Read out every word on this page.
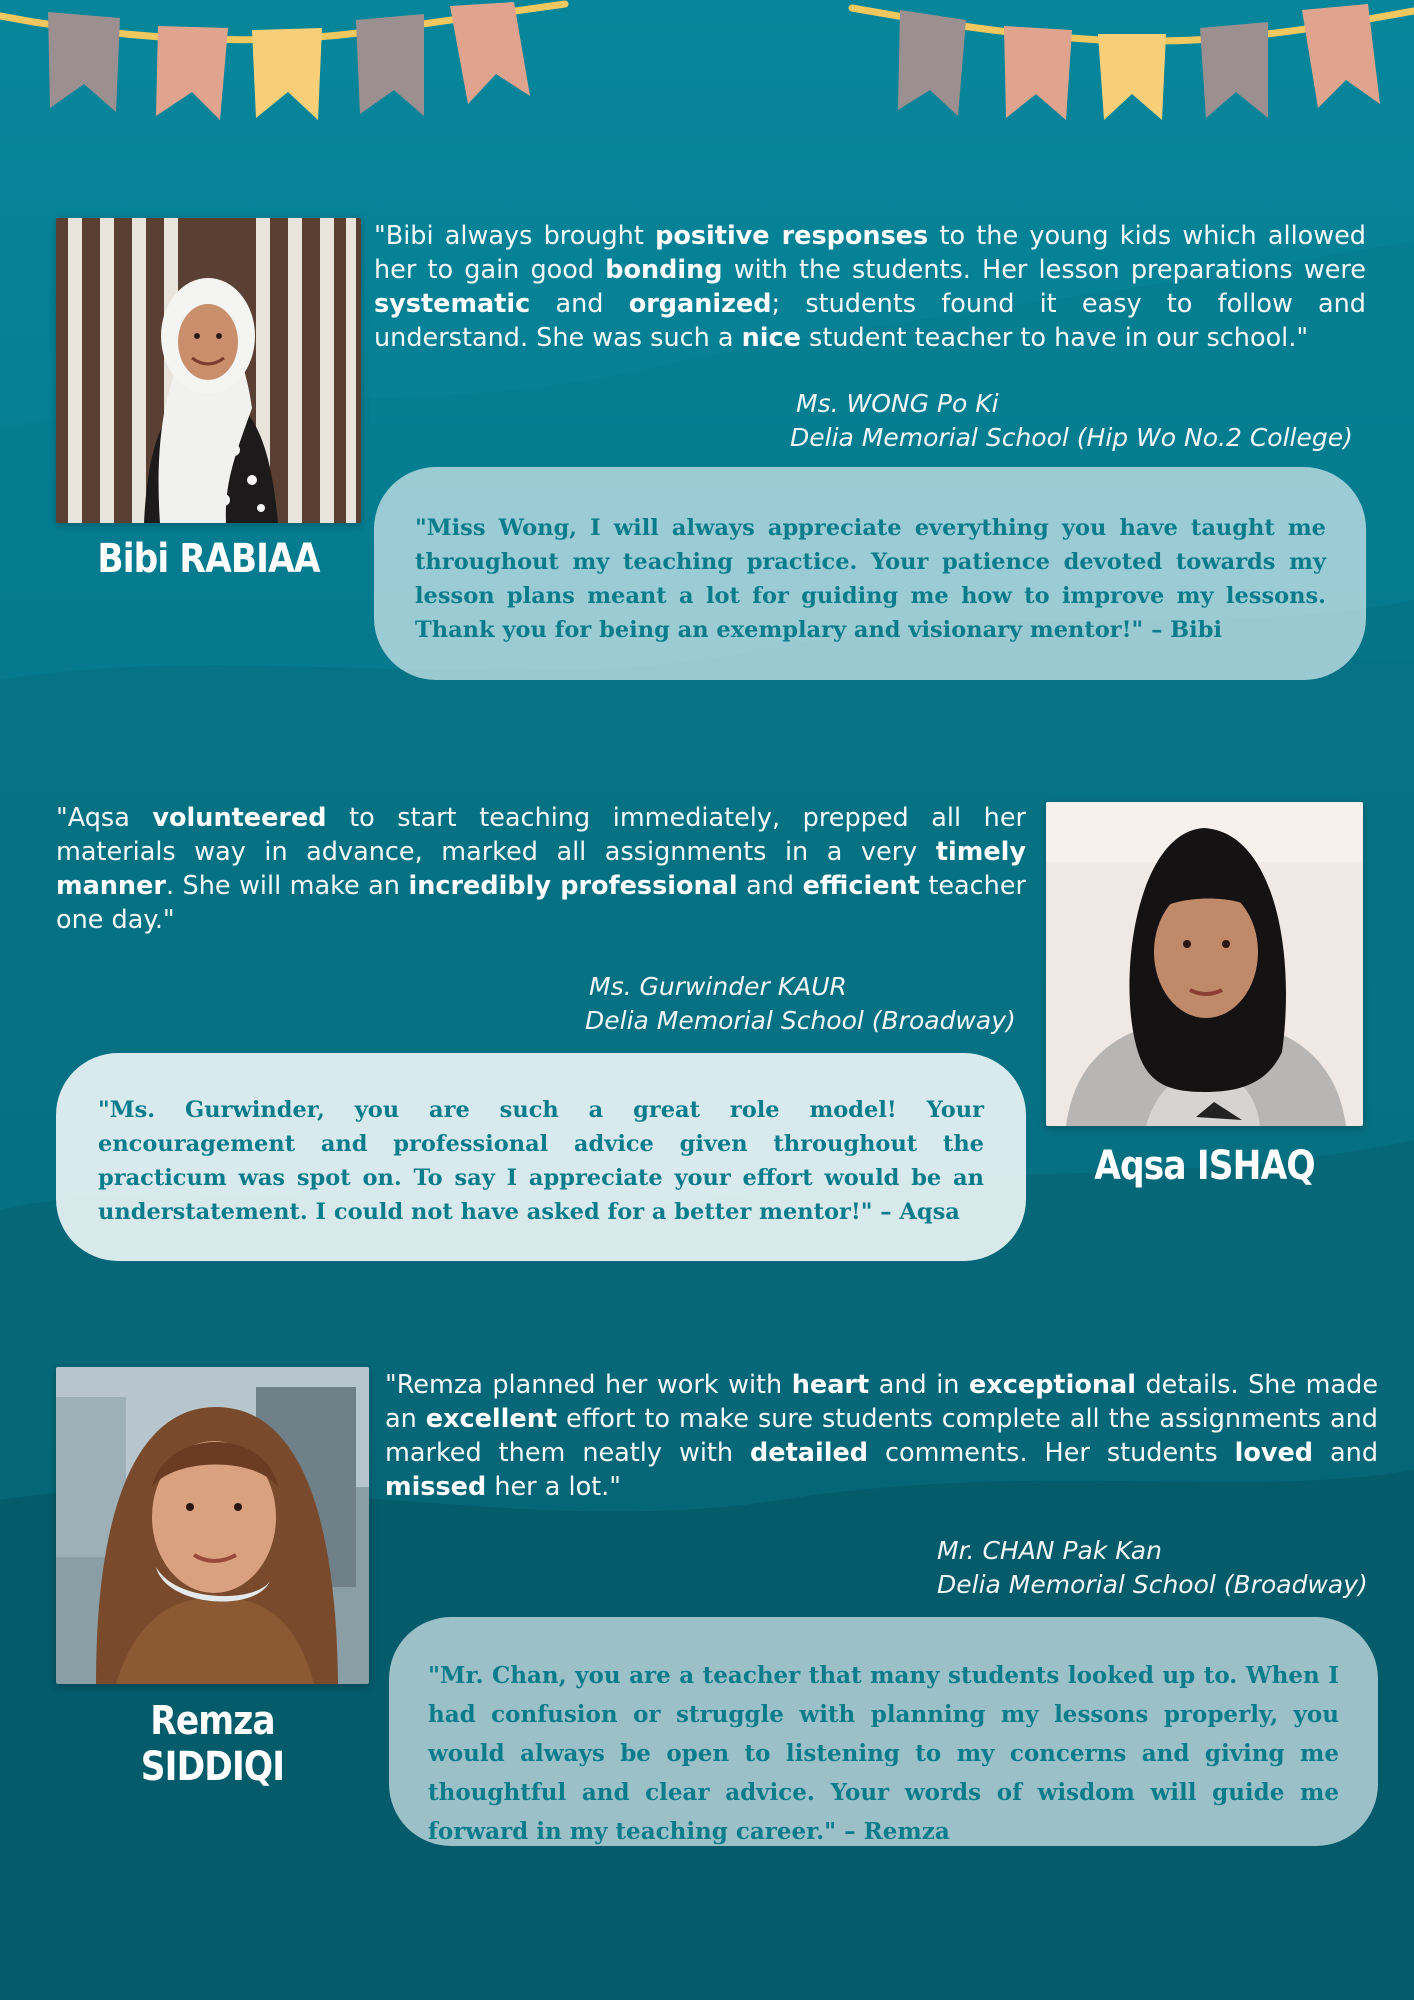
Bibi RABIAA
"Bibi always brought positive responses to the young kids which allowed her to gain good bonding with the students. Her lesson preparations were systematic and organized; students found it easy to follow and understand. She was such a nice student teacher to have in our school."
Ms. WONG Po Ki
Delia Memorial School (Hip Wo No.2 College)
"Miss Wong, I will always appreciate everything you have taught me throughout my teaching practice. Your patience devoted towards my lesson plans meant a lot for guiding me how to improve my lessons. Thank you for being an exemplary and visionary mentor!" – Bibi
"Aqsa volunteered to start teaching immediately, prepped all her materials way in advance, marked all assignments in a very timely manner. She will make an incredibly professional and efficient teacher one day."
Ms. Gurwinder KAUR
Delia Memorial School (Broadway)
"Ms. Gurwinder, you are such a great role model! Your encouragement and professional advice given throughout the practicum was spot on. To say I appreciate your effort would be an understatement. I could not have asked for a better mentor!" – Aqsa
Aqsa ISHAQ
Remza SIDDIQI
"Remza planned her work with heart and in exceptional details. She made an excellent effort to make sure students complete all the assignments and marked them neatly with detailed comments. Her students loved and missed her a lot."
Mr. CHAN Pak Kan
Delia Memorial School (Broadway)
"Mr. Chan, you are a teacher that many students looked up to. When I had confusion or struggle with planning my lessons properly, you would always be open to listening to my concerns and giving me thoughtful and clear advice. Your words of wisdom will guide me forward in my teaching career." – Remza
